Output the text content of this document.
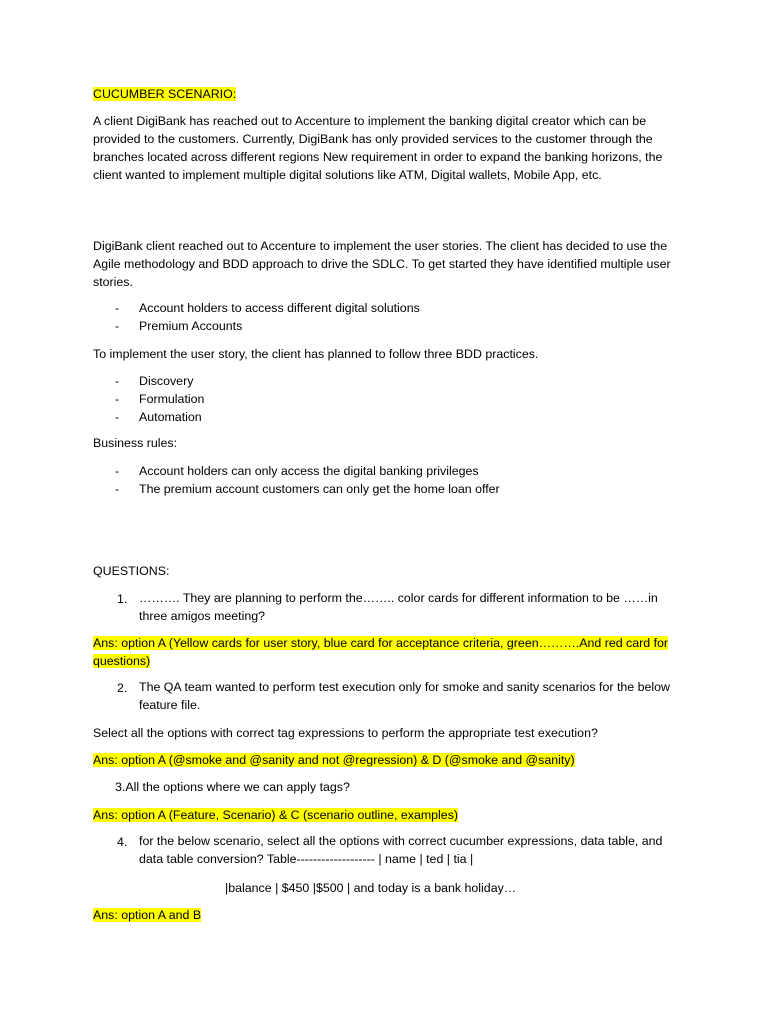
CUCUMBER SCENARIO:

A client DigiBank has reached out to Accenture to implement the banking digital creator which can be provided to the customers. Currently, DigiBank has only provided services to the customer through the branches located across different regions New requirement in order to expand the banking horizons, the client wanted to implement multiple digital solutions like ATM, Digital wallets, Mobile App, etc.

DigiBank client reached out to Accenture to implement the user stories. The client has decided to use the Agile methodology and BDD approach to drive the SDLC. To get started they have identified multiple user stories.

- Account holders to access different digital solutions
- Premium Accounts

To implement the user story, the client has planned to follow three BDD practices.

- Discovery
- Formulation
- Automation

Business rules:

- Account holders can only access the digital banking privileges
- The premium account customers can only get the home loan offer

QUESTIONS:

1. ………. They are planning to perform the…….. color cards for different information to be ……in three amigos meeting?

Ans: option A (Yellow cards for user story, blue card for acceptance criteria, green……….And red card for questions)

2. The QA team wanted to perform test execution only for smoke and sanity scenarios for the below feature file.

Select all the options with correct tag expressions to perform the appropriate test execution?

Ans: option A (@smoke and @sanity and not @regression) & D (@smoke and @sanity)

3.All the options where we can apply tags?

Ans: option A (Feature, Scenario) & C (scenario outline, examples)

4. for the below scenario, select all the options with correct cucumber expressions, data table, and data table conversion? Table------------------- | name | ted | tia |

|balance | $450 |$500 | and today is a bank holiday…

Ans: option A and B
